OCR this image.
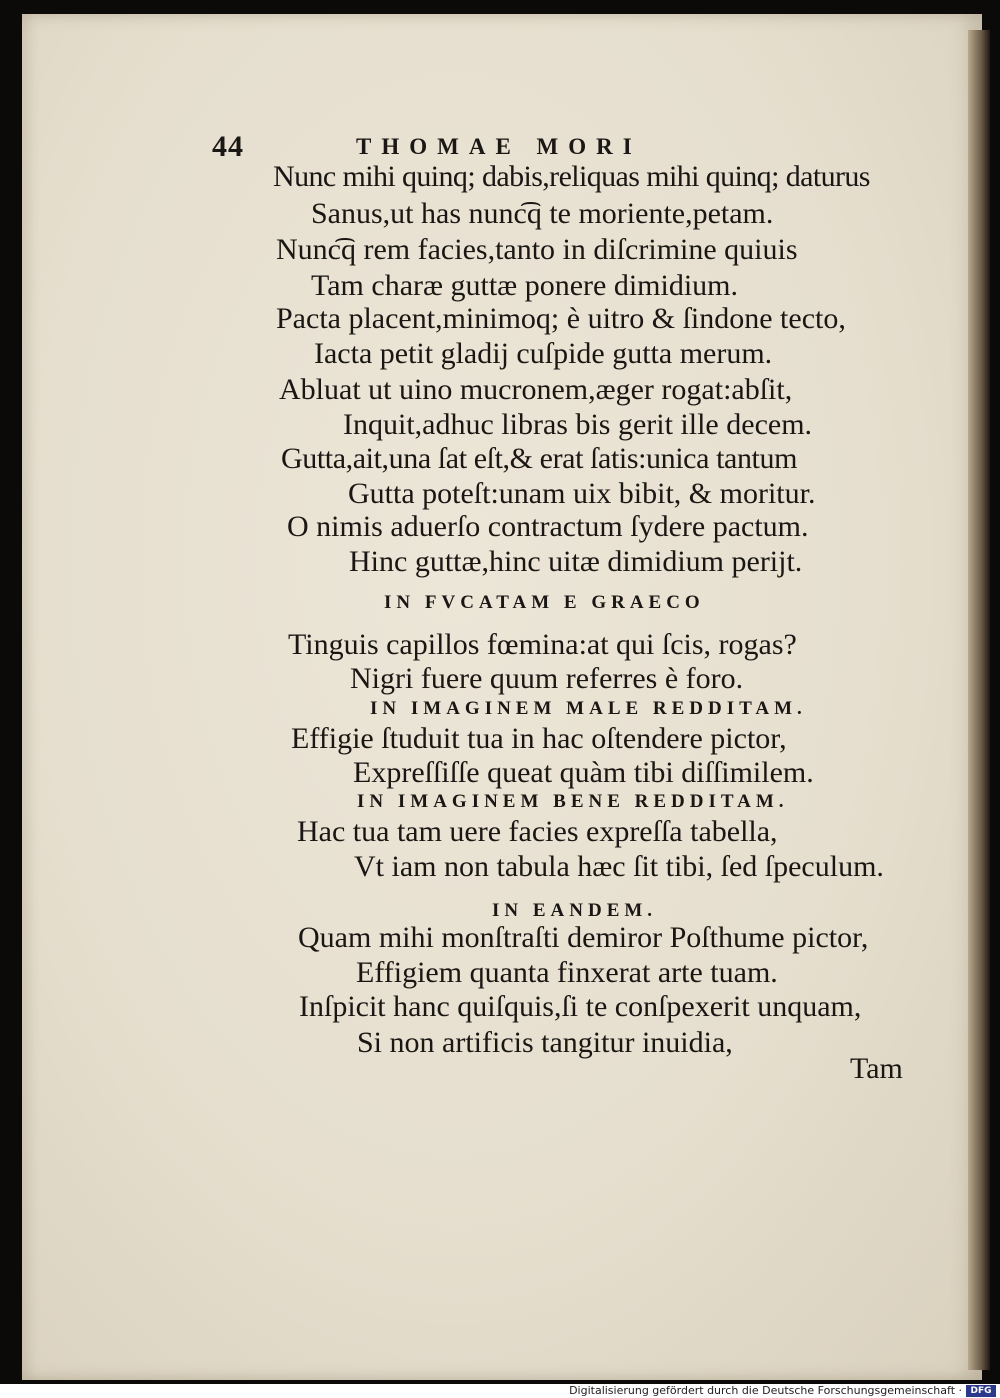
44	THOMAE MORI
Nunc mihi quinq; dabis,reliquas mihi quinq; daturus
Sanus,ut has nunc͡q te moriente,petam.
Nunc͡q rem facies,tanto in diſcrimine quiuis
Tam charæ guttæ ponere dimidium.
Pacta placent,minimoq; è uitro & ſindone tecto,
Iacta petit gladij cuſpide gutta merum.
Abluat ut uino mucronem,æger rogat:abſit,
Inquit,adhuc libras bis gerit ille decem.
Gutta,ait,una ſat eſt,& erat ſatis:unica tantum
Gutta poteſt:unam uix bibit, & moritur.
O nimis aduerſo contractum ſydere pactum.
Hinc guttæ,hinc uitæ dimidium perijt.
IN FVCATAM E GRAECO
Tinguis capillos fœmina:at qui ſcis, rogas?
Nigri fuere quum referres è foro.
IN IMAGINEM MALE REDDITAM.
Effigie ſtuduit tua in hac oſtendere pictor,
Expreſſiſſe queat quàm tibi diſſimilem.
IN IMAGINEM BENE REDDITAM.
Hac tua tam uere facies expreſſa tabella,
Vt iam non tabula hæc ſit tibi, ſed ſpeculum.
IN EANDEM.
Quam mihi monſtraſti demiror Poſthume pictor,
Effigiem quanta finxerat arte tuam.
Inſpicit hanc quiſquis,ſi te conſpexerit unquam,
Si non artificis tangitur inuidia,
Tam
Digitalisierung gefördert durch die Deutsche Forschungsgemeinschaft · DFG
